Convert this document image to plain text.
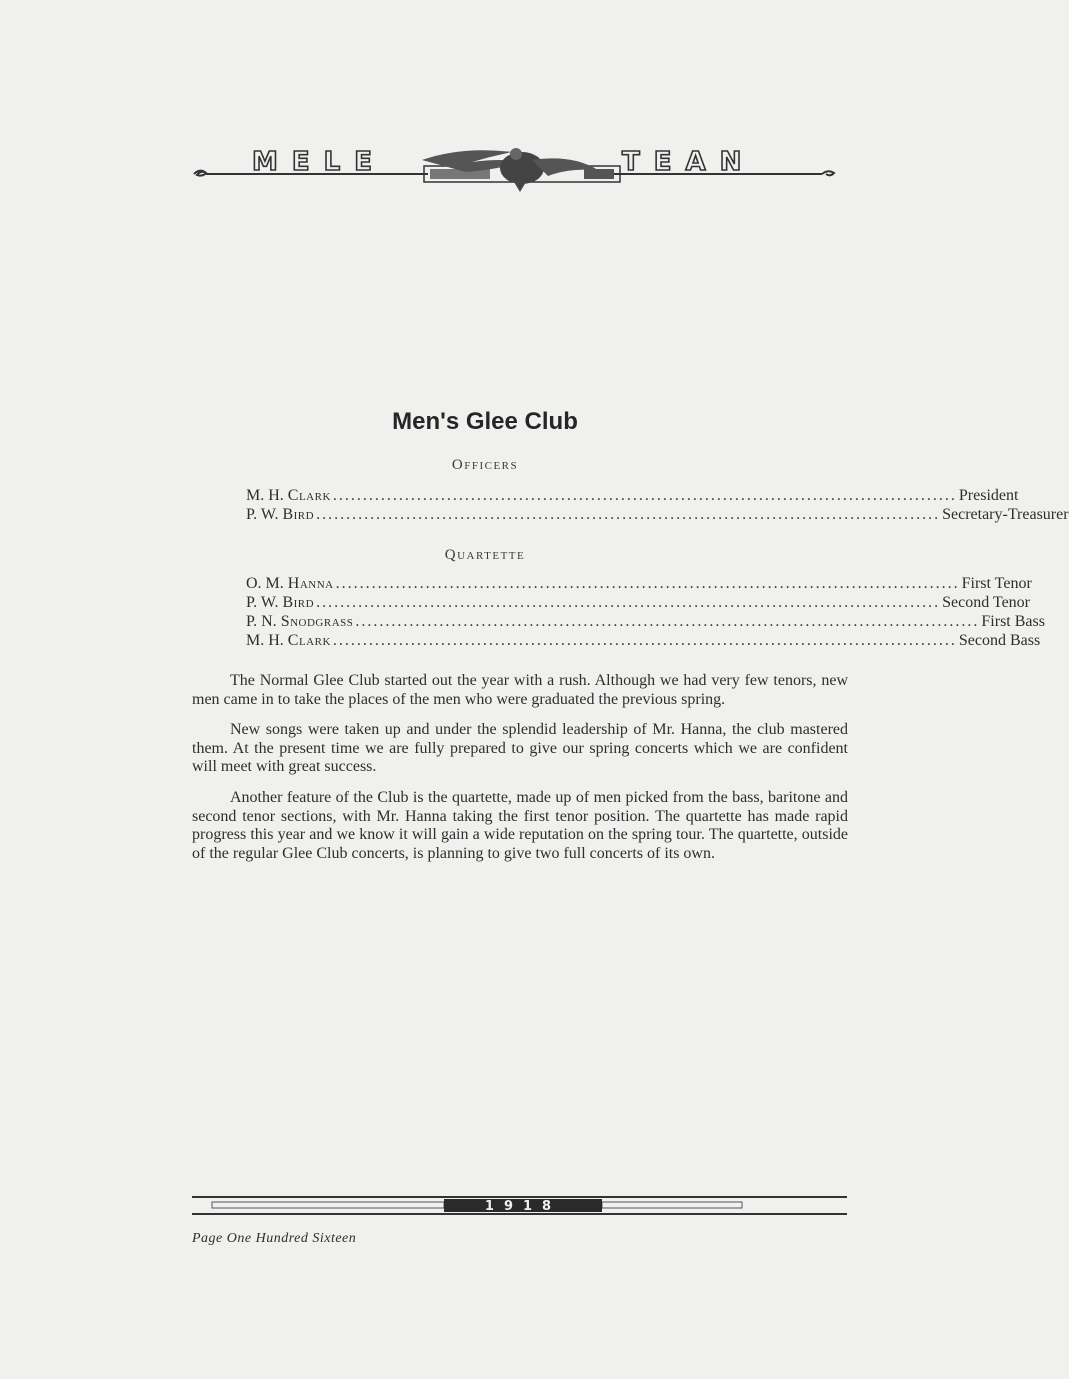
MELE	TEAN
Men's Glee Club
Officers
M. H. Clark ........................................................................................................ President
P. W. Bird ........................................................................................................ Secretary-Treasurer
Quartette
O. M. Hanna ........................................................................................................ First Tenor
P. W. Bird ........................................................................................................ Second Tenor
P. N. Snodgrass ........................................................................................................ First Bass
M. H. Clark ........................................................................................................ Second Bass

The Normal Glee Club started out the year with a rush. Although we had very few tenors, new men came in to take the places of the men who were graduated the previous spring.

New songs were taken up and under the splendid leadership of Mr. Hanna, the club mastered them. At the present time we are fully prepared to give our spring concerts which we are confident will meet with great success.

Another feature of the Club is the quartette, made up of men picked from the bass, baritone and second tenor sections, with Mr. Hanna taking the first tenor position. The quartette has made rapid progress this year and we know it will gain a wide reputation on the spring tour. The quartette, outside of the regular Glee Club concerts, is planning to give two full concerts of its own.

1918
Page One Hundred Sixteen
